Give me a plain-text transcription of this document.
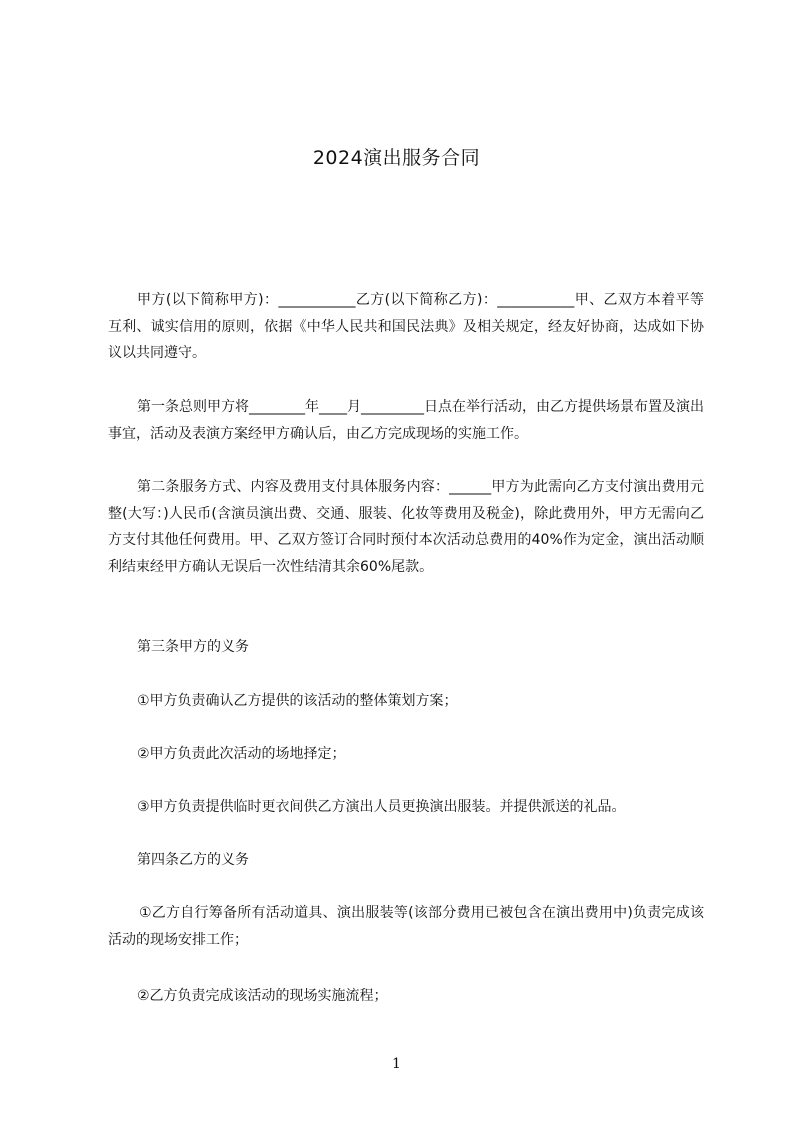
2024演出服务合同
甲方(以下简称甲方)：___________乙方(以下简称乙方)：___________甲、乙双方本着平等互利、诚实信用的原则，依据《中华人民共和国民法典》及相关规定，经友好协商，达成如下协议以共同遵守。
第一条总则甲方将________年____月_________日点在举行活动，由乙方提供场景布置及演出事宜，活动及表演方案经甲方确认后，由乙方完成现场的实施工作。
第二条服务方式、内容及费用支付具体服务内容：______甲方为此需向乙方支付演出费用元整(大写：)人民币(含演员演出费、交通、服装、化妆等费用及税金)，除此费用外，甲方无需向乙方支付其他任何费用。甲、乙双方签订合同时预付本次活动总费用的40%作为定金，演出活动顺利结束经甲方确认无误后一次性结清其余60%尾款。
第三条甲方的义务
①甲方负责确认乙方提供的该活动的整体策划方案；
②甲方负责此次活动的场地择定；
③甲方负责提供临时更衣间供乙方演出人员更换演出服装。并提供派送的礼品。
第四条乙方的义务
①乙方自行筹备所有活动道具、演出服装等(该部分费用已被包含在演出费用中)负责完成该活动的现场安排工作；
②乙方负责完成该活动的现场实施流程；
1
